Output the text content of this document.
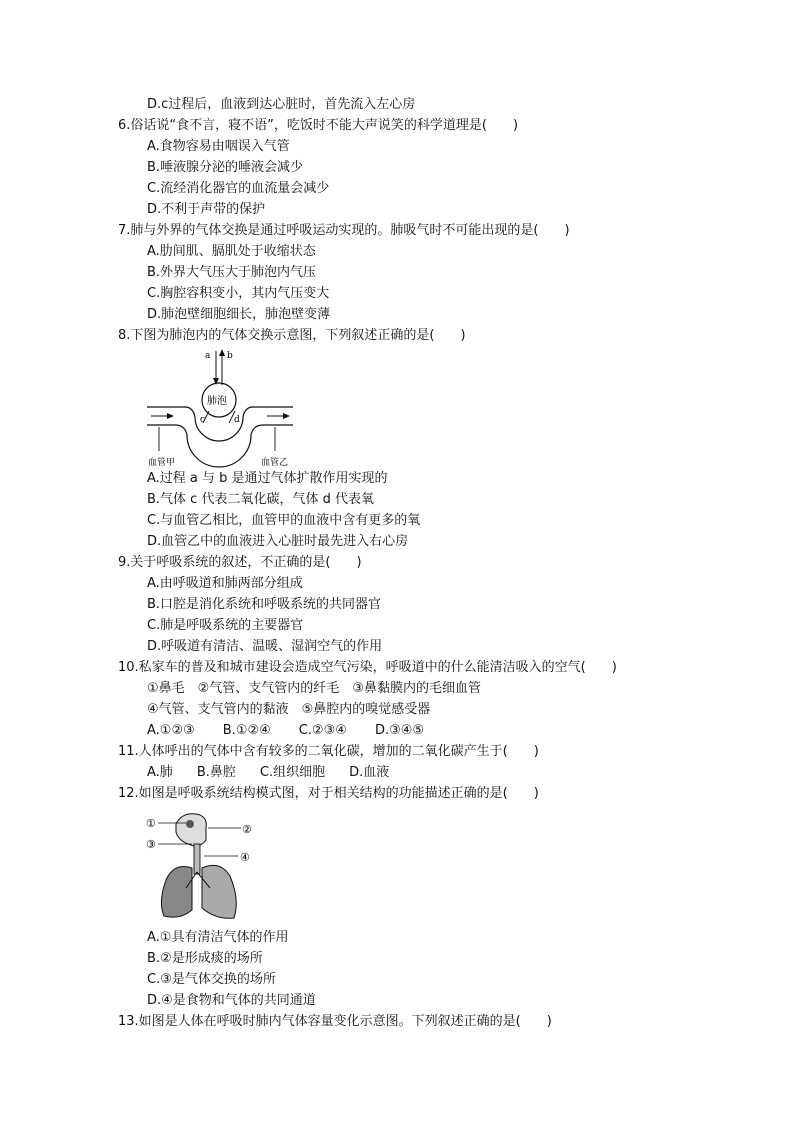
D.c过程后，血液到达心脏时，首先流入左心房
6.俗话说“食不言，寝不语”，吃饭时不能大声说笑的科学道理是(　　)
A.食物容易由咽误入气管
B.唾液腺分泌的唾液会减少
C.流经消化器官的血流量会减少
D.不利于声带的保护
7.肺与外界的气体交换是通过呼吸运动实现的。肺吸气时不可能出现的是(　　)
A.肋间肌、膈肌处于收缩状态
B.外界大气压大于肺泡内气压
C.胸腔容积变小，其内气压变大
D.肺泡壁细胞细长，肺泡壁变薄
8.下图为肺泡内的气体交换示意图，下列叙述正确的是(　　)
a b
肺泡
c	d
血管甲	血管乙
A.过程 a 与 b 是通过气体扩散作用实现的
B.气体 c 代表二氧化碳，气体 d 代表氧
C.与血管乙相比，血管甲的血液中含有更多的氧
D.血管乙中的血液进入心脏时最先进入右心房
9.关于呼吸系统的叙述，不正确的是(　　)
A.由呼吸道和肺两部分组成
B.口腔是消化系统和呼吸系统的共同器官
C.肺是呼吸系统的主要器官
D.呼吸道有清洁、温暖、湿润空气的作用
10.私家车的普及和城市建设会造成空气污染，呼吸道中的什么能清洁吸入的空气(　　)
①鼻毛　②气管、支气管内的纤毛　③鼻黏膜内的毛细血管
④气管、支气管内的黏液　⑤鼻腔内的嗅觉感受器
A.①②③ B.①②④ C.②③④ D.③④⑤
11.人体呼出的气体中含有较多的二氧化碳，增加的二氧化碳产生于(　　)
A.肺 B.鼻腔 C.组织细胞 D.血液
12.如图是呼吸系统结构模式图，对于相关结构的功能描述正确的是(　　)
①	②
③
④
A.①具有清洁气体的作用
B.②是形成痰的场所
C.③是气体交换的场所
D.④是食物和气体的共同通道
13.如图是人体在呼吸时肺内气体容量变化示意图。下列叙述正确的是(　　)
